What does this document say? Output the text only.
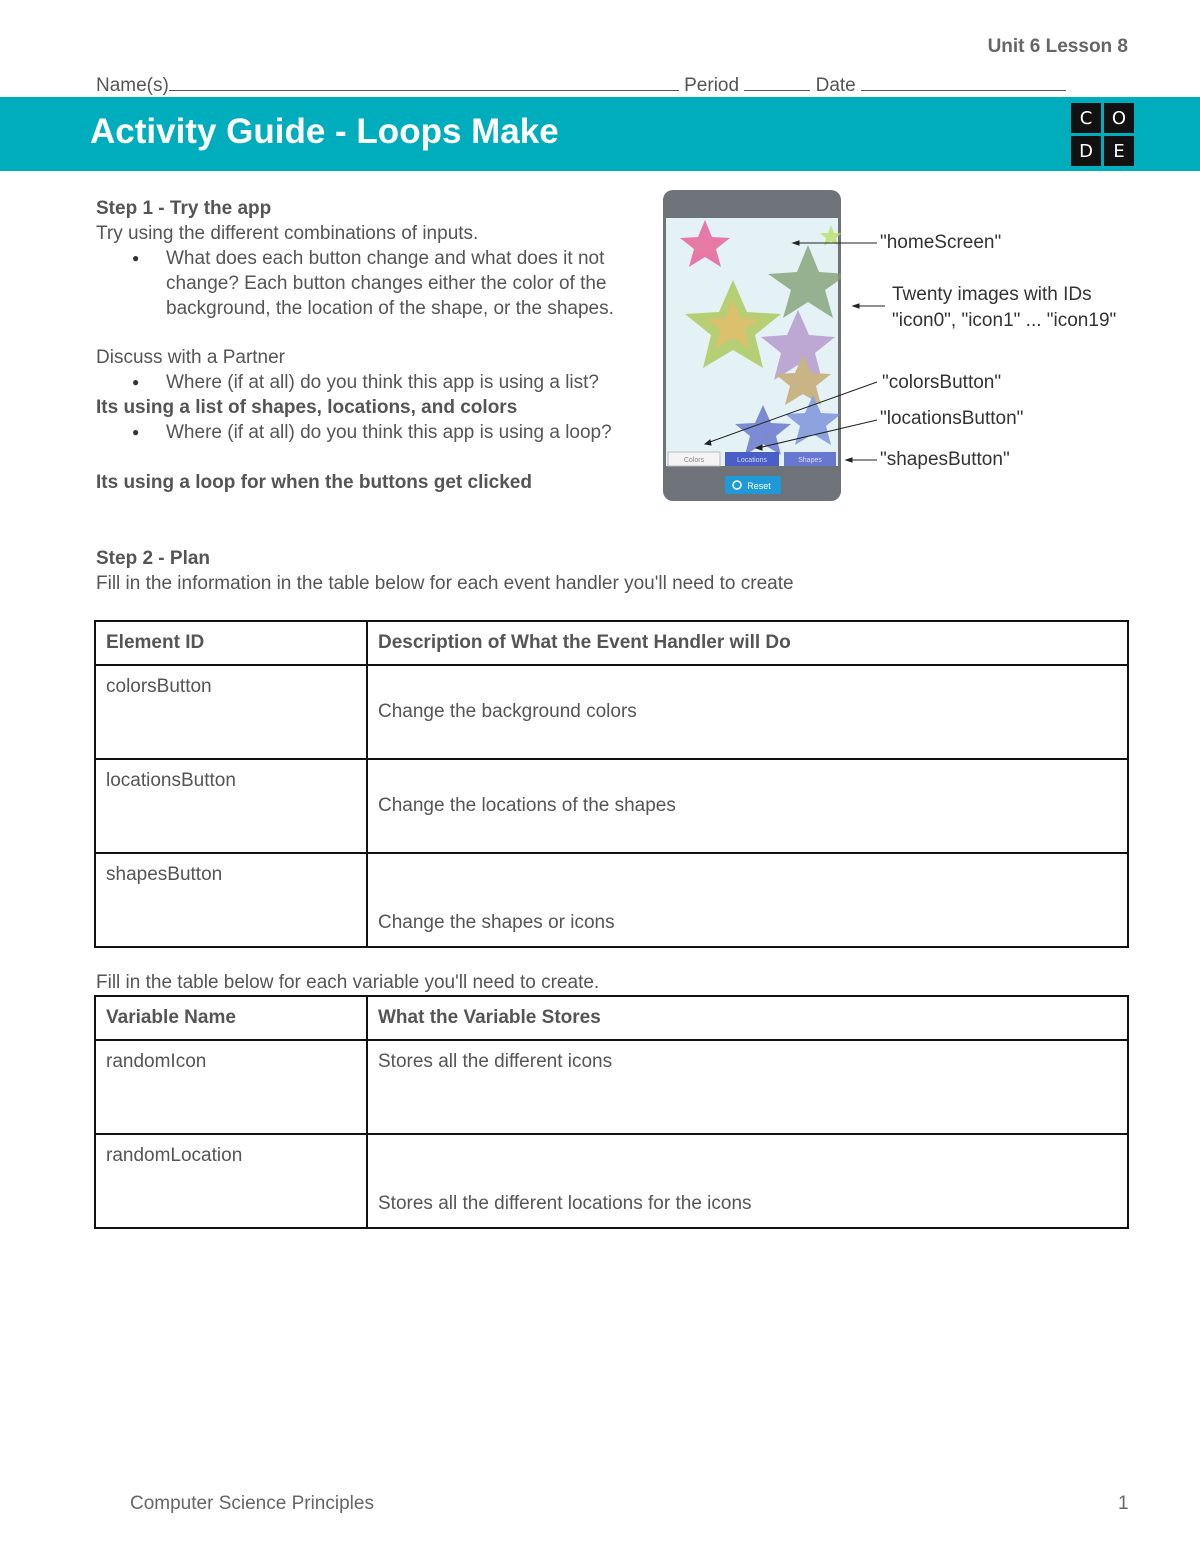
Unit 6 Lesson 8
Name(s)	Period	Date
Activity Guide - Loops Make	C	O
D	E
Step 1 - Try the app
Try using the different combinations of inputs.
● What does each button change and what does it not change? Each button changes either the color of the background, the location of the shape, or the shapes.
Discuss with a Partner
● Where (if at all) do you think this app is using a list?
Its using a list of shapes, locations, and colors
● Where (if at all) do you think this app is using a loop?
Its using a loop for when the buttons get clicked
Colors	Locations	Shapes
Reset
"homeScreen"
Twenty images with IDs
"icon0", "icon1" ... "icon19"
"colorsButton"
"locationsButton"
"shapesButton"
Step 2 - Plan
Fill in the information in the table below for each event handler you'll need to create
Element ID	Description of What the Event Handler will Do
colorsButton	Change the background colors
locationsButton	Change the locations of the shapes
shapesButton	Change the shapes or icons
Fill in the table below for each variable you'll need to create.
Variable Name	What the Variable Stores
randomIcon	Stores all the different icons
randomLocation	Stores all the different locations for the icons
Computer Science Principles	1
